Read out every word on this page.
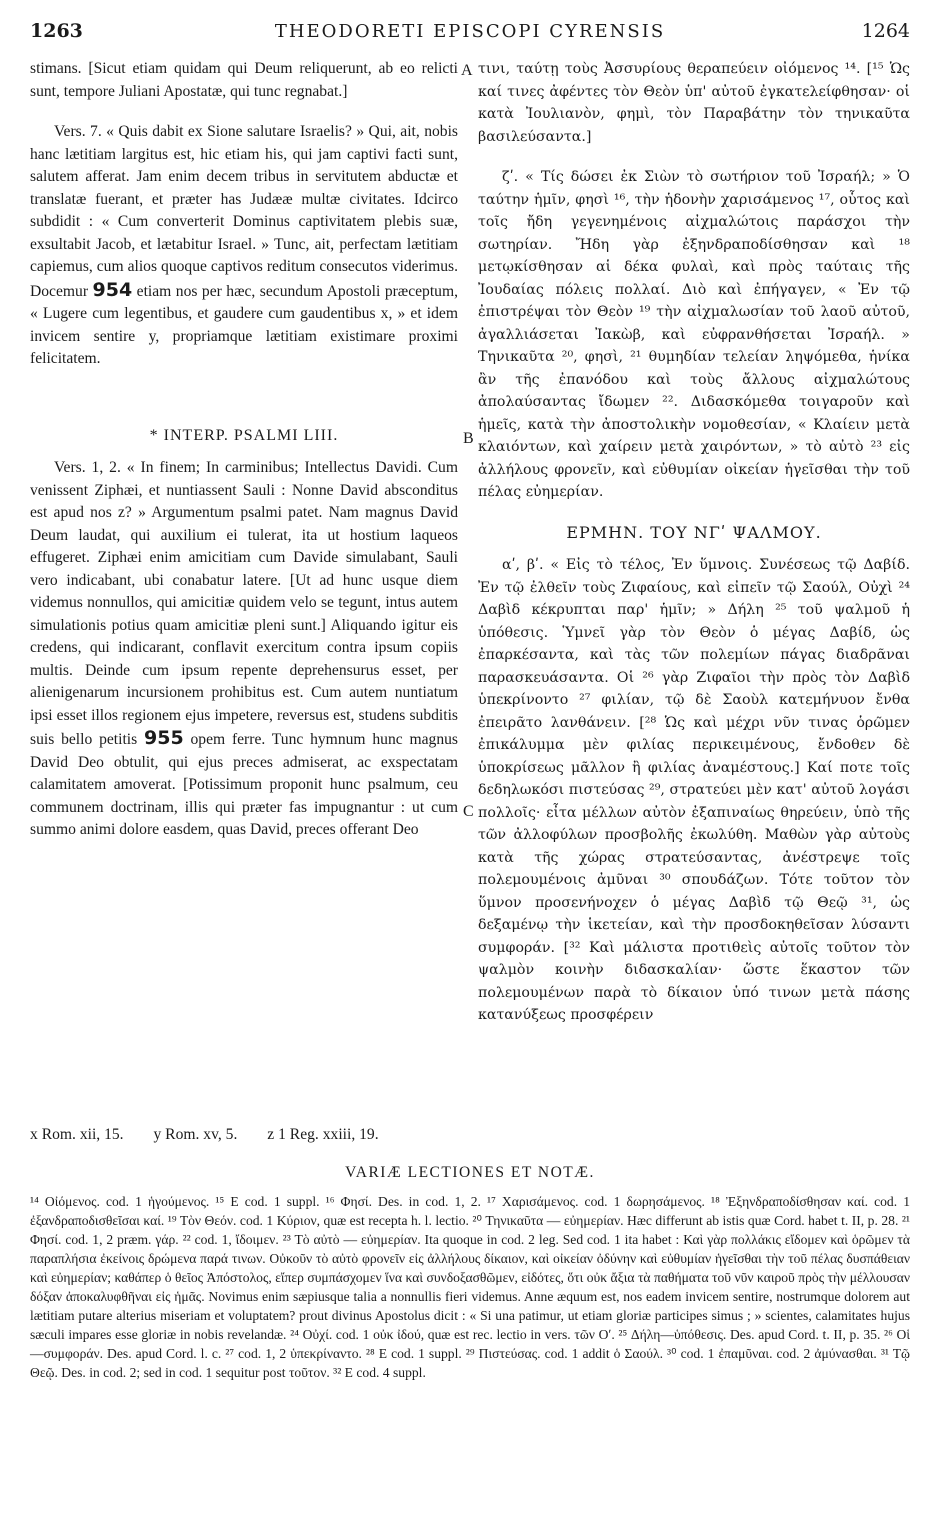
1263	THEODORETI EPISCOPI CYRENSIS	1264

stimans. [Sicut etiam quidam qui Deum reliquerunt, ab eo relicti sunt, tempore Juliani Apostatæ, qui tunc regnabat.]

Vers. 7. « Quis dabit ex Sione salutare Israelis? » Qui, ait, nobis hanc lætitiam largitus est, hic etiam his, qui jam captivi facti sunt, salutem afferat. Jam enim decem tribus in servitutem abductæ et translatæ fuerant, et præter has Judææ multæ civitates. Idcirco subdidit : « Cum converterit Dominus captivitatem plebis suæ, exsultabit Jacob, et lætabitur Israel. » Tunc, ait, perfectam lætitiam capiemus, cum alios quoque captivos reditum consecutos viderimus. Docemur 954 etiam nos per hæc, secundum Apostoli præceptum, « Lugere cum legentibus, et gaudere cum gaudentibus x, » et idem invicem sentire y, propriamque lætitiam existimare proximi felicitatem.

* INTERP. PSALMI LIII.

Vers. 1, 2. « In finem; In carminibus; Intellectus Davidi. Cum venissent Ziphæi, et nuntiassent Sauli : Nonne David absconditus est apud nos z? » Argumentum psalmi patet. Nam magnus David Deum laudat, qui auxilium ei tulerat, ita ut hostium laqueos effugeret. Ziphæi enim amicitiam cum Davide simulabant, Sauli vero indicabant, ubi conabatur latere. [Ut ad hunc usque diem videmus nonnullos, qui amicitiæ quidem velo se tegunt, intus autem simulationis potius quam amicitiæ pleni sunt.] Aliquando igitur eis credens, qui indicarant, conflavit exercitum contra ipsum copiis multis. Deinde cum ipsum repente deprehensurus esset, per alienigenarum incursionem prohibitus est. Cum autem nuntiatum ipsi esset illos regionem ejus impetere, reversus est, studens subditis suis bello petitis 955 opem ferre. Tunc hymnum hunc magnus David Deo obtulit, qui ejus preces admiserat, ac exspectatam calamitatem amoverat. [Potissimum proponit hunc psalmum, ceu communem doctrinam, illis qui præter fas impugnantur : ut cum summo animi dolore easdem, quas David, preces offerant Deo

A
B
C

τινι, ταύτῃ τοὺς Ἀσσυρίους θεραπεύειν οἰόμενος ¹⁴. [¹⁵ Ὡς καί τινες ἀφέντες τὸν Θεὸν ὑπ' αὐτοῦ ἐγκατελείφθησαν· οἱ κατὰ Ἰουλιανὸν, φημὶ, τὸν Παραβάτην τὸν τηνικαῦτα βασιλεύσαντα.]

ζʹ. « Τίς δώσει ἐκ Σιὼν τὸ σωτήριον τοῦ Ἰσραήλ; » Ὁ ταύτην ἡμῖν, φησὶ ¹⁶, τὴν ἡδονὴν χαρισάμενος ¹⁷, οὗτος καὶ τοῖς ἤδη γεγενημένοις αἰχμαλώτοις παράσχοι τὴν σωτηρίαν. Ἤδη γὰρ ἐξηνδραποδίσθησαν καὶ ¹⁸ μετῳκίσθησαν αἱ δέκα φυλαὶ, καὶ πρὸς ταύταις τῆς Ἰουδαίας πόλεις πολλαί. Διὸ καὶ ἐπήγαγεν, « Ἐν τῷ ἐπιστρέψαι τὸν Θεὸν ¹⁹ τὴν αἰχμαλωσίαν τοῦ λαοῦ αὐτοῦ, ἀγαλλιάσεται Ἰακὼβ, καὶ εὐφρανθήσεται Ἰσραήλ. » Τηνικαῦτα ²⁰, φησὶ, ²¹ θυμηδίαν τελείαν ληψόμεθα, ἡνίκα ἂν τῆς ἐπανόδου καὶ τοὺς ἄλλους αἰχμαλώτους ἀπολαύσαντας ἴδωμεν ²². Διδασκόμεθα τοιγαροῦν καὶ ἡμεῖς, κατὰ τὴν ἀποστολικὴν νομοθεσίαν, « Κλαίειν μετὰ κλαιόντων, καὶ χαίρειν μετὰ χαιρόντων, » τὸ αὐτὸ ²³ εἰς ἀλλήλους φρονεῖν, καὶ εὐθυμίαν οἰκείαν ἡγεῖσθαι τὴν τοῦ πέλας εὐημερίαν.

ΕΡΜΗΝ. ΤΟΥ ΝΓʹ ΨΑΛΜΟΥ.

αʹ, βʹ. « Εἰς τὸ τέλος, Ἐν ὕμνοις. Συνέσεως τῷ Δαβίδ. Ἐν τῷ ἐλθεῖν τοὺς Ζιφαίους, καὶ εἰπεῖν τῷ Σαούλ, Οὐχὶ ²⁴ Δαβὶδ κέκρυπται παρ' ἡμῖν; » Δήλη ²⁵ τοῦ ψαλμοῦ ἡ ὑπόθεσις. Ὑμνεῖ γὰρ τὸν Θεὸν ὁ μέγας Δαβίδ, ὡς ἐπαρκέσαντα, καὶ τὰς τῶν πολεμίων πάγας διαδρᾶναι παρασκευάσαντα. Οἱ ²⁶ γὰρ Ζιφαῖοι τὴν πρὸς τὸν Δαβὶδ ὑπεκρίνοντο ²⁷ φιλίαν, τῷ δὲ Σαοὺλ κατεμήνυον ἔνθα ἐπειρᾶτο λανθάνειν. [²⁸ Ὡς καὶ μέχρι νῦν τινας ὁρῶμεν ἐπικάλυμμα μὲν φιλίας περικειμένους, ἔνδοθεν δὲ ὑποκρίσεως μᾶλλον ἢ φιλίας ἀναμέστους.] Καί ποτε τοῖς δεδηλωκόσι πιστεύσας ²⁹, στρατεύει μὲν κατ' αὐτοῦ λογάσι πολλοῖς· εἶτα μέλλων αὐτὸν ἐξαπιναίως θηρεύειν, ὑπὸ τῆς τῶν ἀλλοφύλων προσβολῆς ἐκωλύθη. Μαθὼν γὰρ αὐτοὺς κατὰ τῆς χώρας στρατεύσαντας, ἀνέστρεψε τοῖς πολεμουμένοις ἀμῦναι ³⁰ σπουδάζων. Τότε τοῦτον τὸν ὕμνον προσενήνοχεν ὁ μέγας Δαβὶδ τῷ Θεῷ ³¹, ὡς δεξαμένῳ τὴν ἱκετείαν, καὶ τὴν προσδοκηθεῖσαν λύσαντι συμφοράν. [³² Καὶ μάλιστα προτιθεὶς αὐτοῖς τοῦτον τὸν ψαλμὸν κοινὴν διδασκαλίαν· ὥστε ἕκαστον τῶν πολεμουμένων παρὰ τὸ δίκαιον ὑπό τινων μετὰ πάσης κατανύξεως προσφέρειν

x Rom. xii, 15. y Rom. xv, 5. z 1 Reg. xxiii, 19.
VARIÆ LECTIONES ET NOTÆ.
¹⁴ Οἰόμενος. cod. 1 ἡγούμενος. ¹⁵ E cod. 1 suppl. ¹⁶ Φησί. Des. in cod. 1, 2. ¹⁷ Χαρισάμενος. cod. 1 δωρησάμενος. ¹⁸ Ἐξηνδραποδίσθησαν καί. cod. 1 ἐξανδραποδισθεῖσαι καί. ¹⁹ Τὸν Θεόν. cod. 1 Κύριον, quæ est recepta h. l. lectio. ²⁰ Τηνικαῦτα — εὐημερίαν. Hæc differunt ab istis quæ Cord. habet t. II, p. 28. ²¹ Φησί. cod. 1, 2 præm. γάρ. ²² cod. 1, ἴδοιμεν. ²³ Τὸ αὐτὸ — εὐημερίαν. Ita quoque in cod. 2 leg. Sed cod. 1 ita habet : Καὶ γὰρ πολλάκις εἴδομεν καὶ ὁρῶμεν τὰ παραπλήσια ἐκείνοις δρώμενα παρά τινων. Οὐκοῦν τὸ αὐτὸ φρονεῖν εἰς ἀλλήλους δίκαιον, καὶ οἰκείαν ὀδύνην καὶ εὐθυμίαν ἡγεῖσθαι τὴν τοῦ πέλας δυσπάθειαν καὶ εὐημερίαν; καθάπερ ὁ θεῖος Ἀπόστολος, εἴπερ συμπάσχομεν ἵνα καὶ συνδοξασθῶμεν, εἰδότες, ὅτι οὐκ ἄξια τὰ παθήματα τοῦ νῦν καιροῦ πρὸς τὴν μέλλουσαν δόξαν ἀποκαλυφθῆναι εἰς ἡμᾶς. Novimus enim sæpiusque talia a nonnullis fieri videmus. Anne æquum est, nos eadem invicem sentire, nostrumque dolorem aut lætitiam putare alterius miseriam et voluptatem? prout divinus Apostolus dicit : « Si una patimur, ut etiam gloriæ participes simus ; » scientes, calamitates hujus sæculi impares esse gloriæ in nobis revelandæ. ²⁴ Οὐχί. cod. 1 οὐκ ἰδού, quæ est rec. lectio in vers. τῶν Oʹ. ²⁵ Δήλη—ὑπόθεσις. Des. apud Cord. t. II, p. 35. ²⁶ Οἱ—συμφοράν. Des. apud Cord. l. c. ²⁷ cod. 1, 2 ὑπεκρίναντο. ²⁸ E cod. 1 suppl. ²⁹ Πιστεύσας. cod. 1 addit ὁ Σαούλ. ³⁰ cod. 1 ἐπαμῦναι. cod. 2 ἀμύνασθαι. ³¹ Τῷ Θεῷ. Des. in cod. 2; sed in cod. 1 sequitur post τοῦτον. ³² E cod. 4 suppl.
